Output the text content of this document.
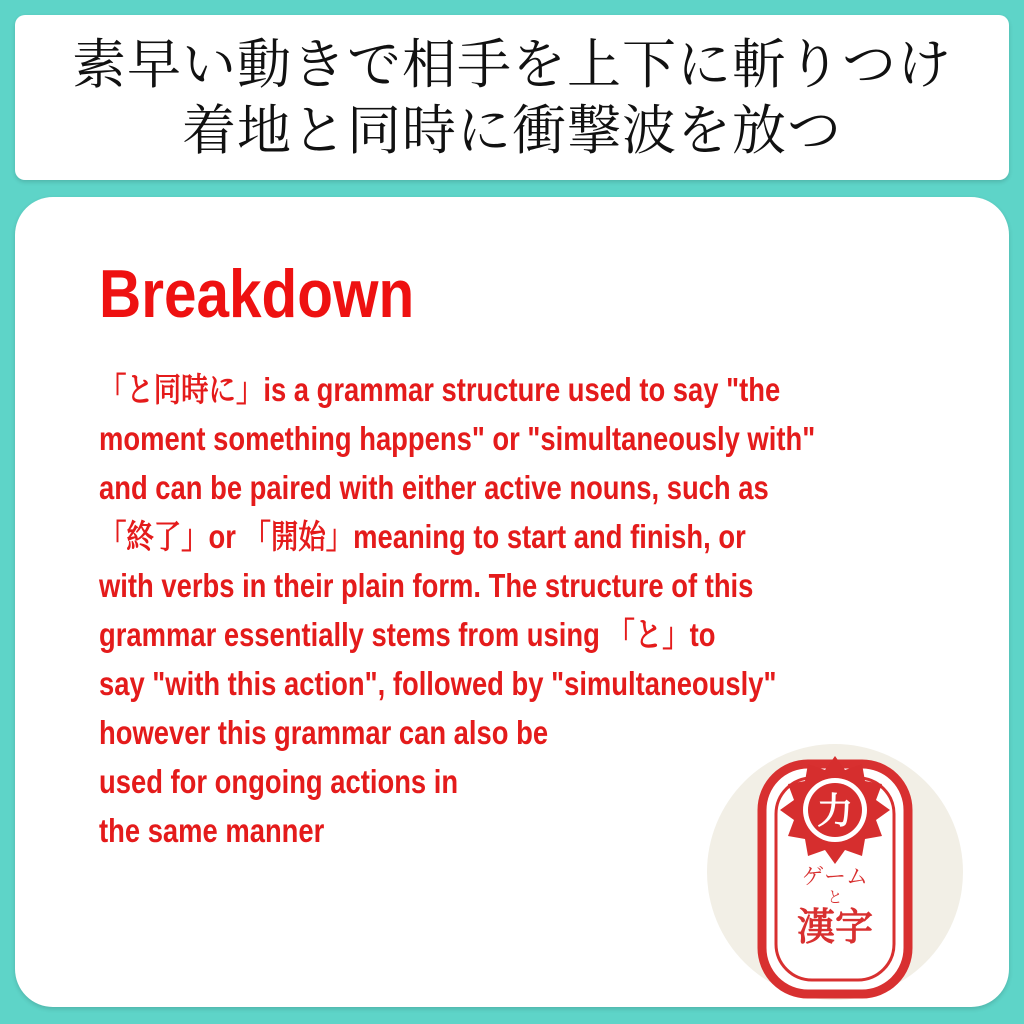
素早い動きで相手を上下に斬りつけ
着地と同時に衝撃波を放つ
Breakdown
「と同時に」is a grammar structure used to say "the
moment something happens" or "simultaneously with"
and can be paired with either active nouns, such as
「終了」or 「開始」meaning to start and finish, or
with verbs in their plain form. The structure of this
grammar essentially stems from using 「と」to
say "with this action", followed by "simultaneously"
however this grammar can also be
used for ongoing actions in
the same manner	力
ゲーム
と
漢字
